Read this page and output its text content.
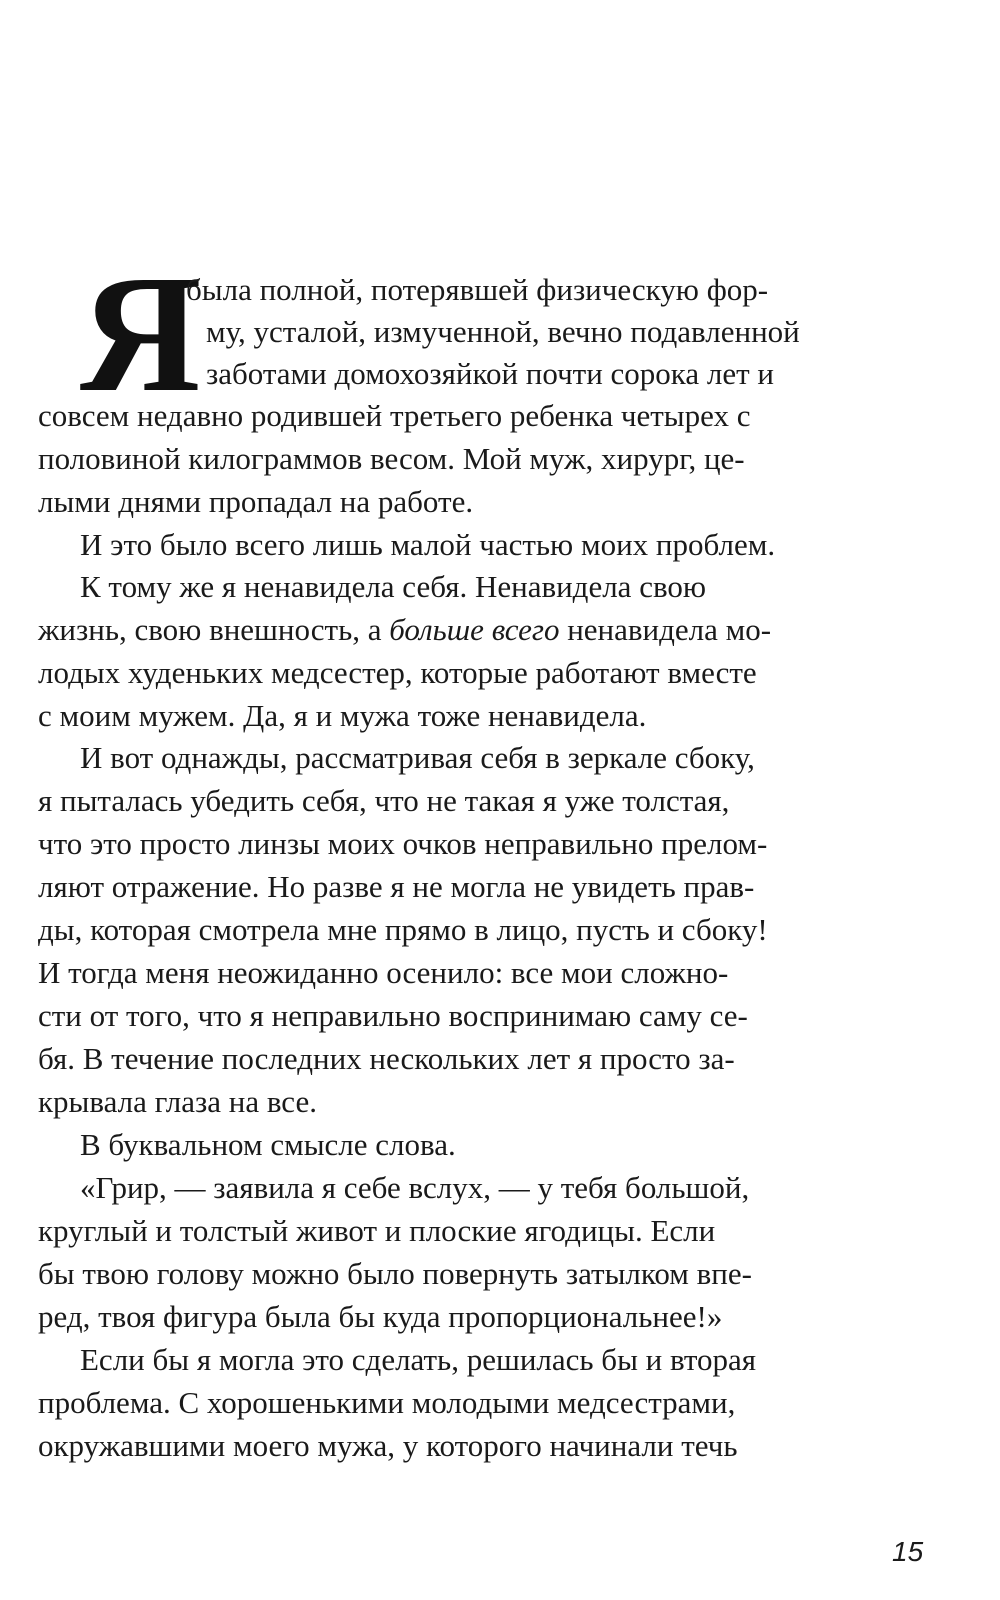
Я
была полной, потерявшей физическую фор-
му, усталой, измученной, вечно подавленной
заботами домохозяйкой почти сорока лет и
совсем недавно родившей третьего ребенка четырех с
половиной килограммов весом. Мой муж, хирург, це-
лыми днями пропадал на работе.
И это было всего лишь малой частью моих проблем.
К тому же я ненавидела себя. Ненавидела свою
жизнь, свою внешность, а больше всего ненавидела мо-
лодых худеньких медсестер, которые работают вместе
с моим мужем. Да, я и мужа тоже ненавидела.
И вот однажды, рассматривая себя в зеркале сбоку,
я пыталась убедить себя, что не такая я уже толстая,
что это просто линзы моих очков неправильно прелом-
ляют отражение. Но разве я не могла не увидеть прав-
ды, которая смотрела мне прямо в лицо, пусть и сбоку!
И тогда меня неожиданно осенило: все мои сложно-
сти от того, что я неправильно воспринимаю саму се-
бя. В течение последних нескольких лет я просто за-
крывала глаза на все.
В буквальном смысле слова.
«Грир, — заявила я себе вслух, — у тебя большой,
круглый и толстый живот и плоские ягодицы. Если
бы твою голову можно было повернуть затылком впе-
ред, твоя фигура была бы куда пропорциональнее!»
Если бы я могла это сделать, решилась бы и вторая
проблема. С хорошенькими молодыми медсестрами,
окружавшими моего мужа, у которого начинали течь
15
